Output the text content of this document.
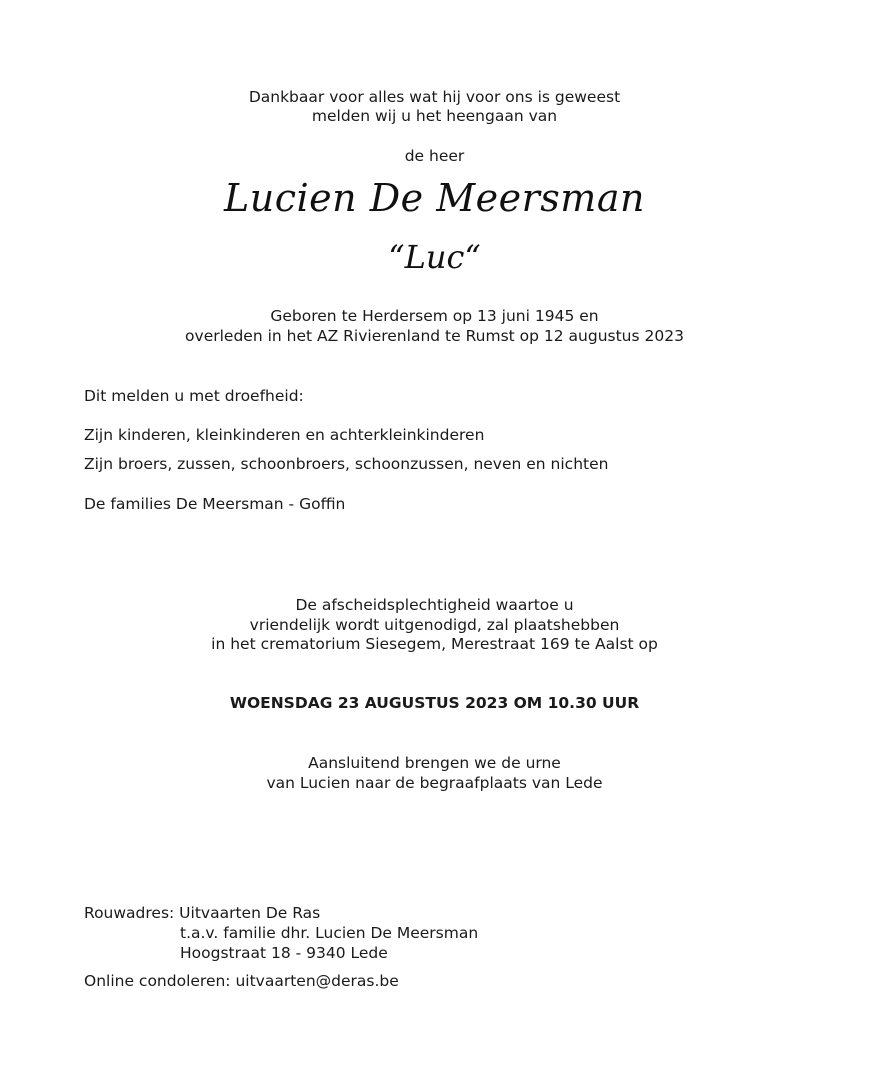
Dankbaar voor alles wat hij voor ons is geweest
melden wij u het heengaan van
de heer
Lucien De Meersman
“Luc“
Geboren te Herdersem op 13 juni 1945 en
overleden in het AZ Rivierenland te Rumst op 12 augustus 2023
Dit melden u met droefheid:
Zijn kinderen, kleinkinderen en achterkleinkinderen
Zijn broers, zussen, schoonbroers, schoonzussen, neven en nichten
De families De Meersman - Goffin
De afscheidsplechtigheid waartoe u
vriendelijk wordt uitgenodigd, zal plaatshebben
in het crematorium Siesegem, Merestraat 169 te Aalst op
WOENSDAG 23 AUGUSTUS 2023 OM 10.30 UUR
Aansluitend brengen we de urne
van Lucien naar de begraafplaats van Lede
Rouwadres: Uitvaarten De Ras
t.a.v. familie dhr. Lucien De Meersman
Hoogstraat 18 - 9340 Lede
Online condoleren: uitvaarten@deras.be
